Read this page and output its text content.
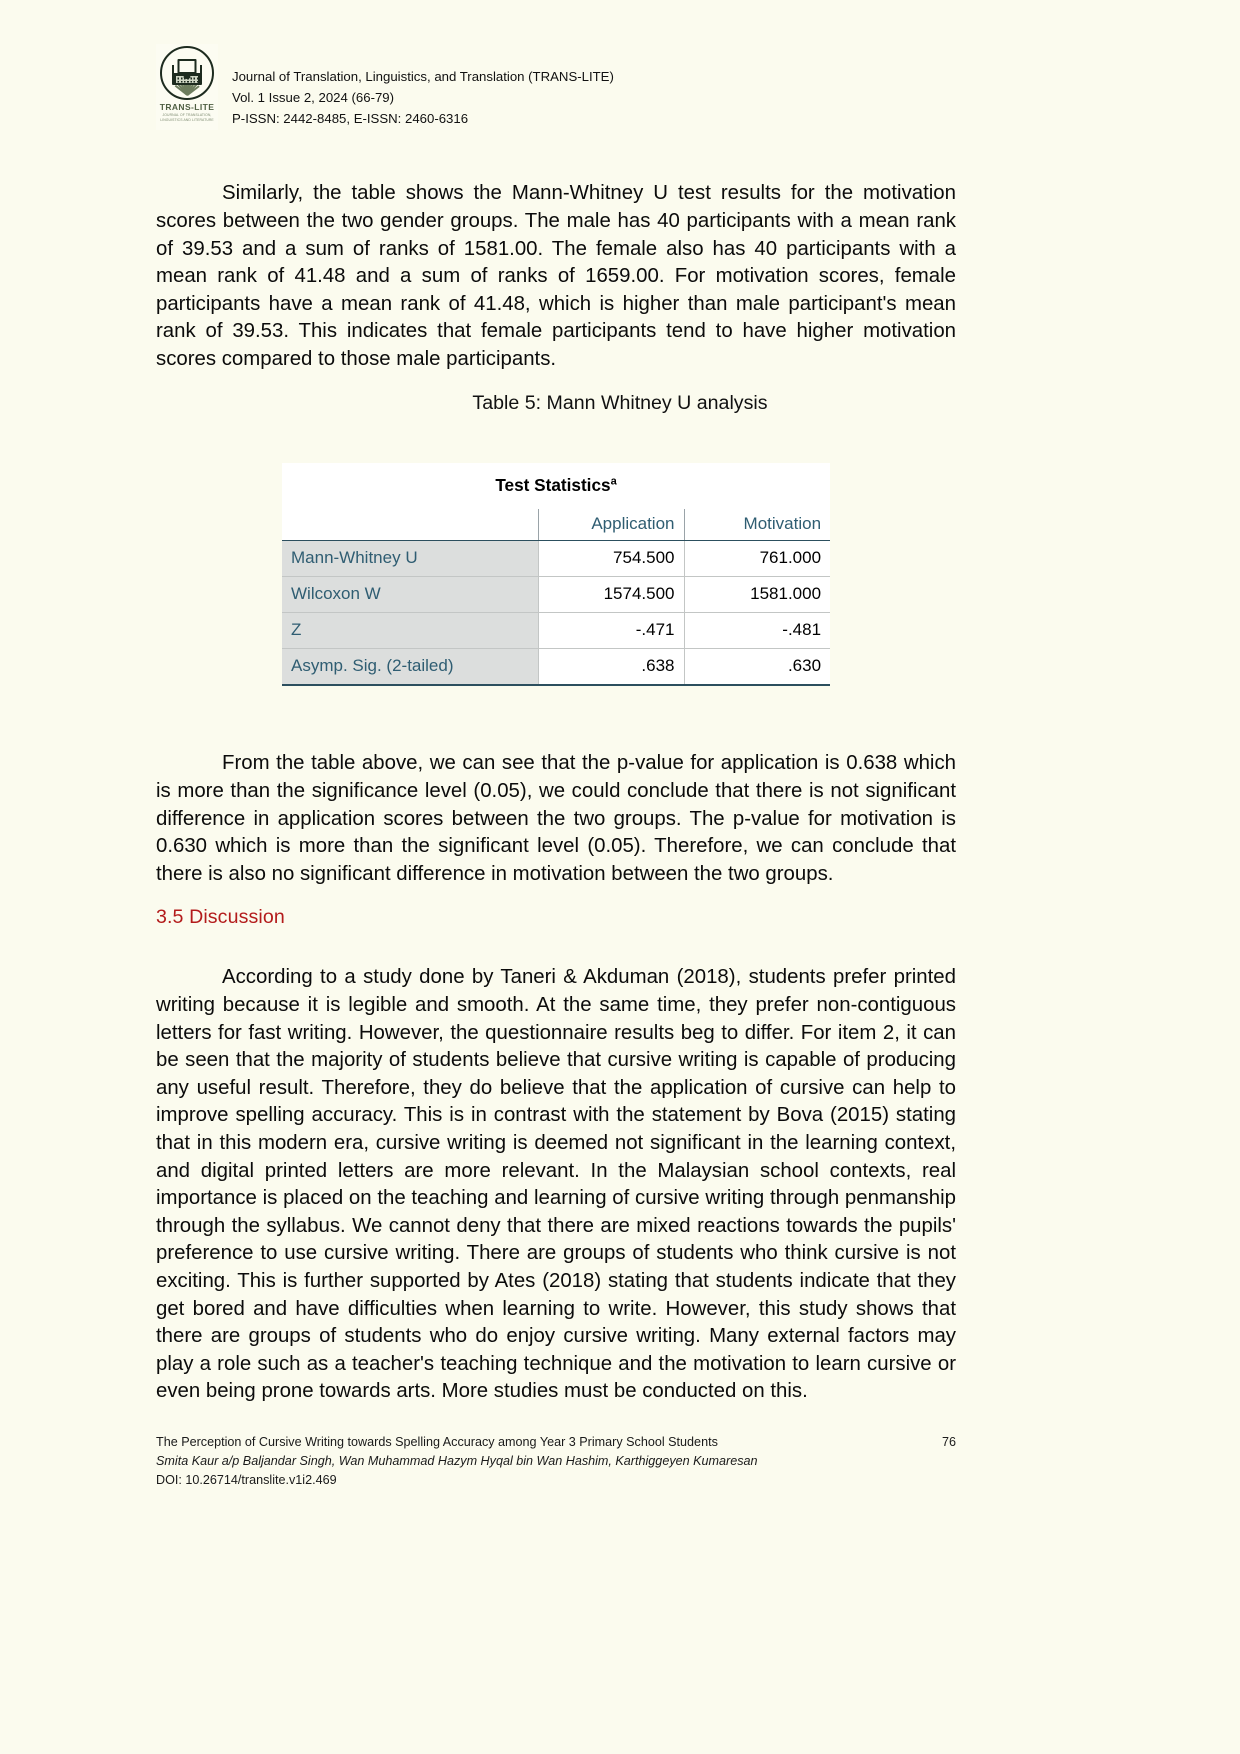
TRANS-LITE
JOURNAL OF TRANSLATION, LINGUISTICS AND LITERATURE
Journal of Translation, Linguistics, and Translation (TRANS-LITE)
Vol. 1 Issue 2, 2024 (66-79)
P-ISSN: 2442-8485, E-ISSN: 2460-6316

Similarly, the table shows the Mann-Whitney U test results for the motivation scores between the two gender groups. The male has 40 participants with a mean rank of 39.53 and a sum of ranks of 1581.00. The female also has 40 participants with a mean rank of 41.48 and a sum of ranks of 1659.00. For motivation scores, female participants have a mean rank of 41.48, which is higher than male participant's mean rank of 39.53. This indicates that female participants tend to have higher motivation scores compared to those male participants.

Table 5: Mann Whitney U analysis
Test Statistics$^a$
	Application	Motivation
Mann-Whitney U	754.500	761.000
Wilcoxon W	1574.500	1581.000
Z	-.471	-.481
Asymp. Sig. (2-tailed)	.638	.630

From the table above, we can see that the p-value for application is 0.638 which is more than the significance level (0.05), we could conclude that there is not significant difference in application scores between the two groups. The p-value for motivation is 0.630 which is more than the significant level (0.05). Therefore, we can conclude that there is also no significant difference in motivation between the two groups.

3.5 Discussion

According to a study done by Taneri & Akduman (2018), students prefer printed writing because it is legible and smooth. At the same time, they prefer non-contiguous letters for fast writing. However, the questionnaire results beg to differ. For item 2, it can be seen that the majority of students believe that cursive writing is capable of producing any useful result. Therefore, they do believe that the application of cursive can help to improve spelling accuracy. This is in contrast with the statement by Bova (2015) stating that in this modern era, cursive writing is deemed not significant in the learning context, and digital printed letters are more relevant. In the Malaysian school contexts, real importance is placed on the teaching and learning of cursive writing through penmanship through the syllabus. We cannot deny that there are mixed reactions towards the pupils' preference to use cursive writing. There are groups of students who think cursive is not exciting. This is further supported by Ates (2018) stating that students indicate that they get bored and have difficulties when learning to write. However, this study shows that there are groups of students who do enjoy cursive writing. Many external factors may play a role such as a teacher's teaching technique and the motivation to learn cursive or even being prone towards arts. More studies must be conducted on this.

The Perception of Cursive Writing towards Spelling Accuracy among Year 3 Primary School Students	76
Smita Kaur a/p Baljandar Singh, Wan Muhammad Hazym Hyqal bin Wan Hashim, Karthiggeyen Kumaresan
DOI: 10.26714/translite.v1i2.469
